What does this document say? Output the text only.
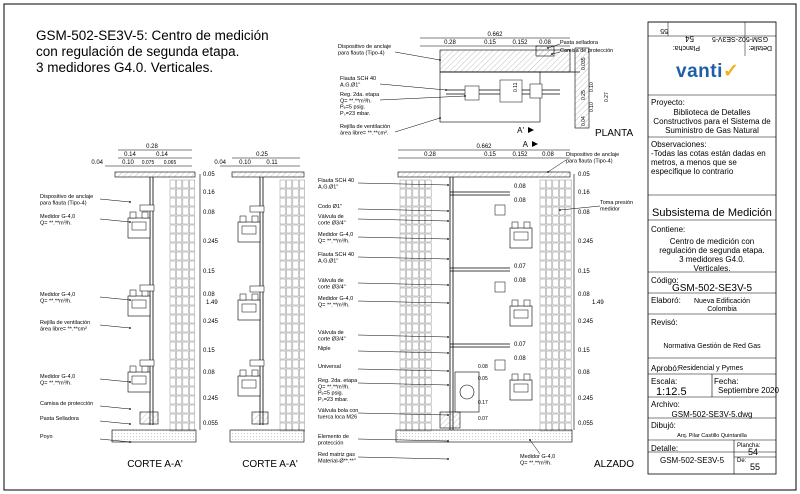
CORTE A-A'
0.28
0.14	0.14
0.04	0.10 0.075 0.065
Dispositivo de anclaje para flauta (Tipo-4)
Medidor G-4,0 Q= **.**m³/h.
Medidor G-4,0 Q= **.**m³/h.
Rejilla de ventilación área libre= **.**cm²
Medidor G-4,0 Q= **.**m³/h.
Camisa de protección
Pasta Selladora
Poyo
0.05
0.16
0.08
0.245
0.15
0.08
0.245
0.15
0.08
0.245
0.055
1.49
CORTE A-A'
0.25
0.04 0.10	0.11
PLANTA
A'
A
0.662
0.28	0.15	0.152 0.08
0.035
0.10
0.25
0.10
0.04
0.11
0.27
Dispositivo de anclaje para flauta (Tipo-4)
Flauta SCH 40 A.G.Ø1"
Reg. 2da. etapa Q= **.**m³/h. Pₑ=5 psig. Pₛ=23 mbar.
Rejilla de ventilación área libre= **.**cm².
Pasta selladora
Camisa de protección
ALZADO
0.662
0.28	0.15	0.152 0.08
0.08
0.08
0.07
0.08
0.07
0.08
0.08
0.05
0.17
0.07
0.05
0.16
0.08
0.245
0.15
0.08
0.245
0.15
0.08
0.245
0.055
1.49
Flauta SCH 40 A.G.Ø1"
Codo Ø1"
Válvula de corte Ø3/4"
Medidor G-4,0 Q= **.**m³/h.
Flauta SCH 40 A.G.Ø1"
Válvula de corte Ø3/4"
Medidor G-4,0 Q= **.**m³/h.
Válvula de corte Ø3/4"
Niple
Universal
Reg. 2da. etapa Q= **.**m³/h. Pₑ=5 psig. Pₛ=23 mbar.
Válvula bola con tuerca loca M26
Elemento de protección
Red matriz gas Material-Ø**.**"
Dispositivo de anclaje para flauta (Tipo-4)
Toma presión medidor
Medidor G-4,0 Q= **.**m³/h.
GSM-502-SE3V-5: Centro de medición
con regulación de segunda etapa.
3 medidores G4.0. Verticales.
Detalle:
GSM-502-SE3V-5
Plancha:
54
55
vanti✓
Proyecto:
Biblioteca de Detalles
Constructivos para el Sistema de
Suministro de Gas Natural
Observaciones:
-Todas las cotas están dadas en
metros, a menos que se
especifique lo contrario
Subsistema de Medición
Contiene:
Centro de medición con
regulación de segunda etapa.
3 medidores G4.0.
Verticales.
Código:
GSM-502-SE3V-5
Elaboró:	Nueva Edificación
Colombia
Revisó:
Normativa Gestión de Red Gas
Aprobó:
Residencial y Pymes
Escala:
1:12.5
Fecha:
Septiembre 2020
Archivo:
GSM-502-SE3V-5.dwg
Dibujó:
Arq. Pilar Castillo Quintanilla
Detalle:
GSM-502-SE3V-5
Plancha:
54
De:
55
